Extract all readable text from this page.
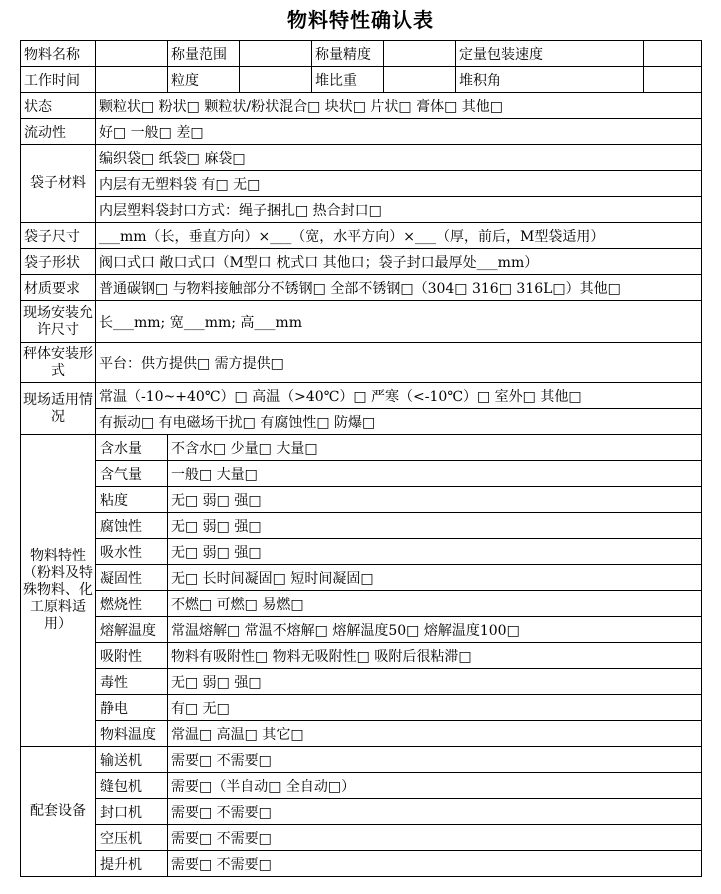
物料特性确认表
物料名称		称量范围		称量精度		定量包装速度	
工作时间		粒度		堆比重		堆积角	
状态	颗粒状□ 粉状□ 颗粒状/粉状混合□ 块状□ 片状□ 膏体□ 其他□						
流动性	好□ 一般□ 差□						
袋子材料	编织袋□ 纸袋□ 麻袋□						
	内层有无塑料袋 有□ 无□						
	内层塑料袋封口方式：绳子捆扎□ 热合封口□						
袋子尺寸	___mm（长，垂直方向）×___（宽，水平方向）×___（厚，前后，M型袋适用）						
袋子形状	阀口式口 敞口式口（M型口 枕式口 其他口；袋子封口最厚处___mm）						
材质要求	普通碳钢□ 与物料接触部分不锈钢□ 全部不锈钢□（304□ 316□ 316L□）其他□						
现场安装允许尺寸	长___mm; 宽___mm; 高___mm						
秤体安装形式	平台：供方提供□ 需方提供□						
现场适用情况	常温（-10~+40℃）□ 高温（>40℃）□ 严寒（<-10℃）□ 室外□ 其他□						
	有振动□ 有电磁场干扰□ 有腐蚀性□ 防爆□						
物料特性（粉料及特殊物料、化工原料适用）	含水量	不含水□ 少量□ 大量□					
	含气量	一般□ 大量□					
	粘度	无□ 弱□ 强□					
	腐蚀性	无□ 弱□ 强□					
	吸水性	无□ 弱□ 强□					
	凝固性	无□ 长时间凝固□ 短时间凝固□					
	燃烧性	不燃□ 可燃□ 易燃□					
	熔解温度	常温熔解□ 常温不熔解□ 熔解温度50□ 熔解温度100□					
	吸附性	物料有吸附性□ 物料无吸附性□ 吸附后很粘滞□					
	毒性	无□ 弱□ 强□					
	静电	有□ 无□					
	物料温度	常温□ 高温□ 其它□					
配套设备	输送机	需要□ 不需要□					
	缝包机	需要□（半自动□ 全自动□）					
	封口机	需要□ 不需要□					
	空压机	需要□ 不需要□					
	提升机	需要□ 不需要□					
